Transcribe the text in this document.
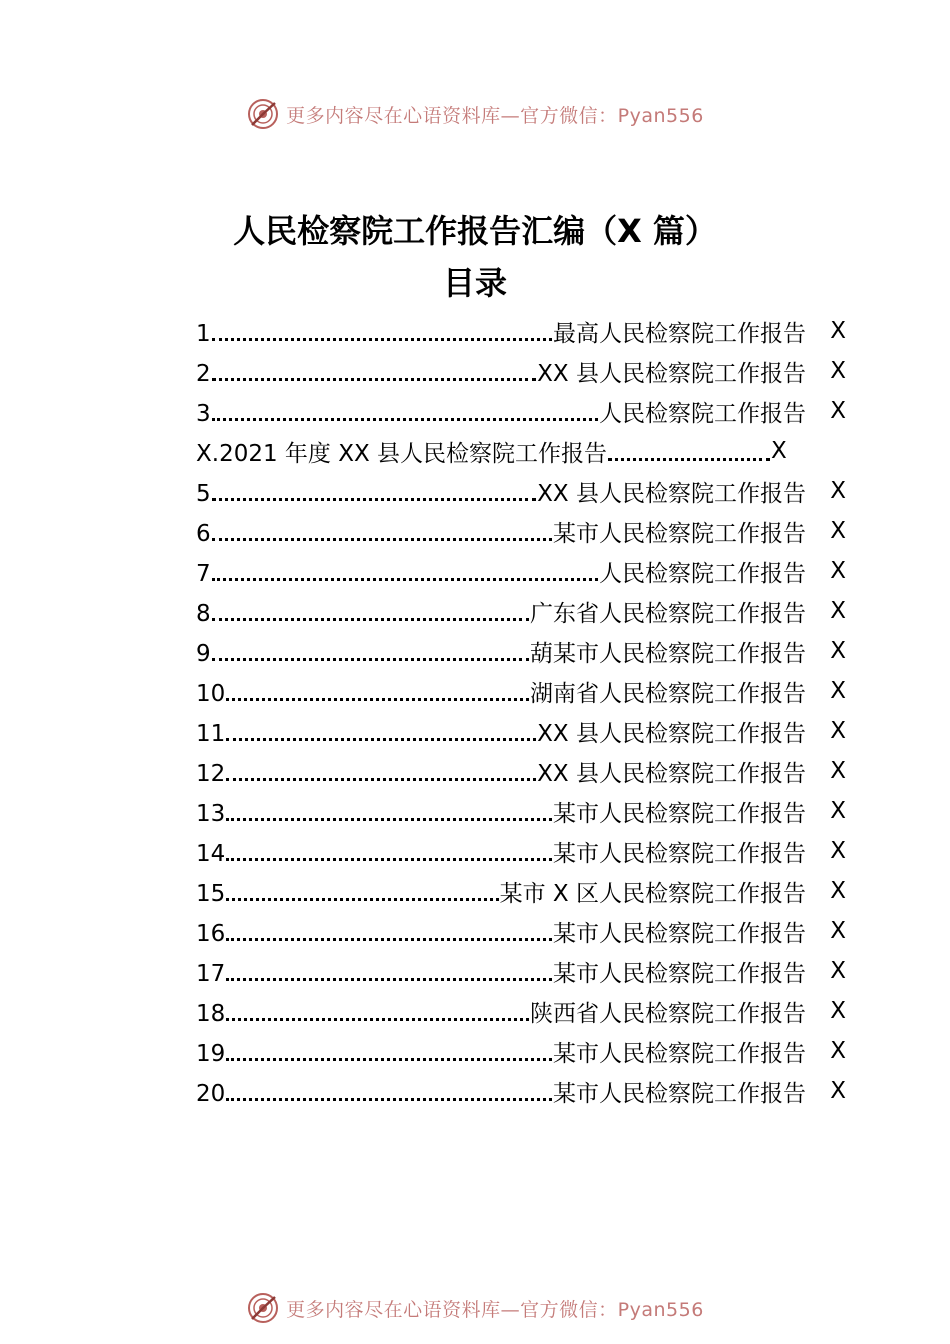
更多内容尽在心语资料库—官方微信：Pyan556
人民检察院工作报告汇编（X 篇）
目录
1	最高人民检察院工作报告	X
2	XX 县人民检察院工作报告	X
3	人民检察院工作报告	X
X.2021 年度 XX 县人民检察院工作报告	X
5	XX 县人民检察院工作报告	X
6	某市人民检察院工作报告	X
7	人民检察院工作报告	X
8	广东省人民检察院工作报告	X
9	葫某市人民检察院工作报告	X
10	湖南省人民检察院工作报告	X
11	XX 县人民检察院工作报告	X
12	XX 县人民检察院工作报告	X
13	某市人民检察院工作报告	X
14	某市人民检察院工作报告	X
15	某市 X 区人民检察院工作报告	X
16	某市人民检察院工作报告	X
17	某市人民检察院工作报告	X
18	陕西省人民检察院工作报告	X
19	某市人民检察院工作报告	X
20	某市人民检察院工作报告	X
更多内容尽在心语资料库—官方微信：Pyan556
